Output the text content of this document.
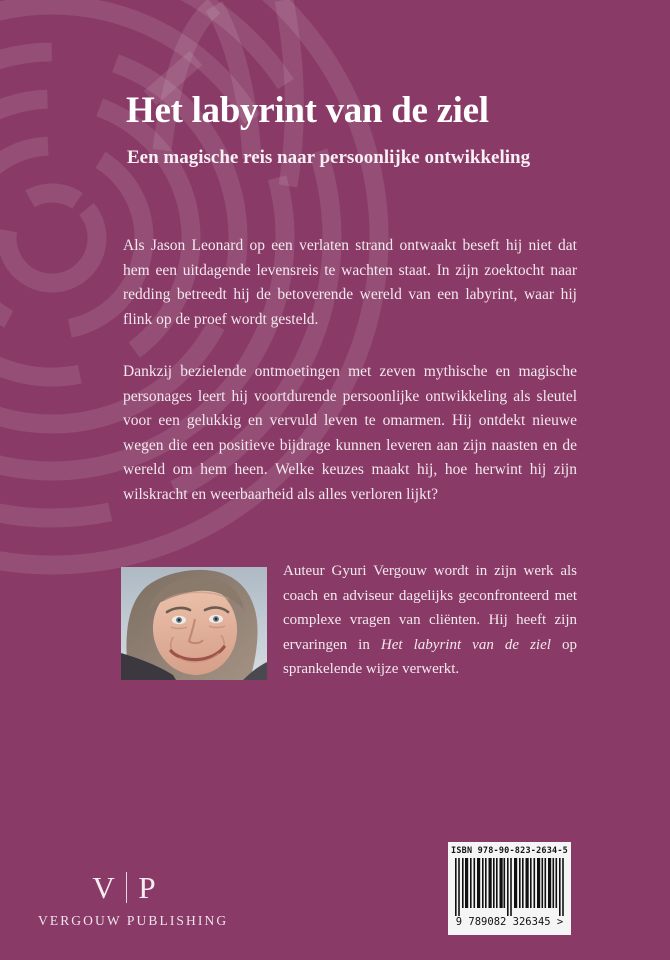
Het labyrint van de ziel
Een magische reis naar persoonlijke ontwikkeling

Als Jason Leonard op een verlaten strand ontwaakt beseft hij niet dat hem een uitdagende levensreis te wachten staat. In zijn zoektocht naar redding betreedt hij de betoverende wereld van een labyrint, waar hij flink op de proef wordt gesteld.

Dankzij bezielende ontmoetingen met zeven mythische en magische personages leert hij voortdurende persoonlijke ontwikkeling als sleutel voor een gelukkig en vervuld leven te omarmen. Hij ontdekt nieuwe wegen die een positieve bijdrage kunnen leveren aan zijn naasten en de wereld om hem heen. Welke keuzes maakt hij, hoe herwint hij zijn wilskracht en weerbaarheid als alles verloren lijkt?

Auteur Gyuri Vergouw wordt in zijn werk als coach en adviseur dagelijks geconfronteerd met complexe vragen van cliënten. Hij heeft zijn ervaringen in Het labyrint van de ziel op sprankelende wijze verwerkt.

V P
VERGOUW PUBLISHING
ISBN 978-90-823-2634-5
9 789082 326345 >
